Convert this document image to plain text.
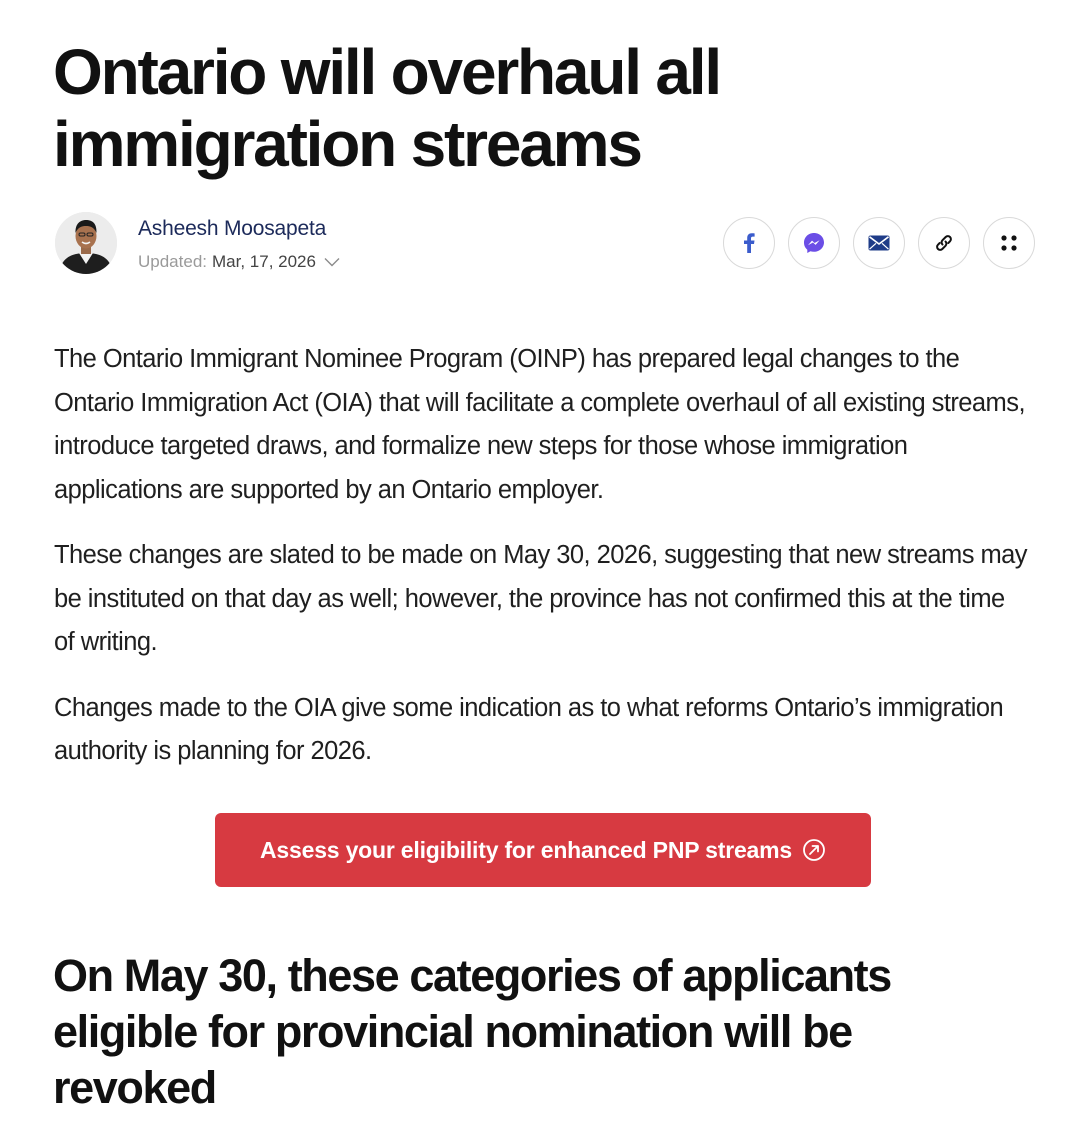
Ontario will overhaul all immigration streams
Asheesh Moosapeta
Updated: Mar, 17, 2026

The Ontario Immigrant Nominee Program (OINP) has prepared legal changes to the Ontario Immigration Act (OIA) that will facilitate a complete overhaul of all existing streams, introduce targeted draws, and formalize new steps for those whose immigration applications are supported by an Ontario employer.

These changes are slated to be made on May 30, 2026, suggesting that new streams may be instituted on that day as well; however, the province has not confirmed this at the time of writing.

Changes made to the OIA give some indication as to what reforms Ontario’s immigration authority is planning for 2026.

Assess your eligibility for enhanced PNP streams
On May 30, these categories of applicants eligible for provincial nomination will be revoked
